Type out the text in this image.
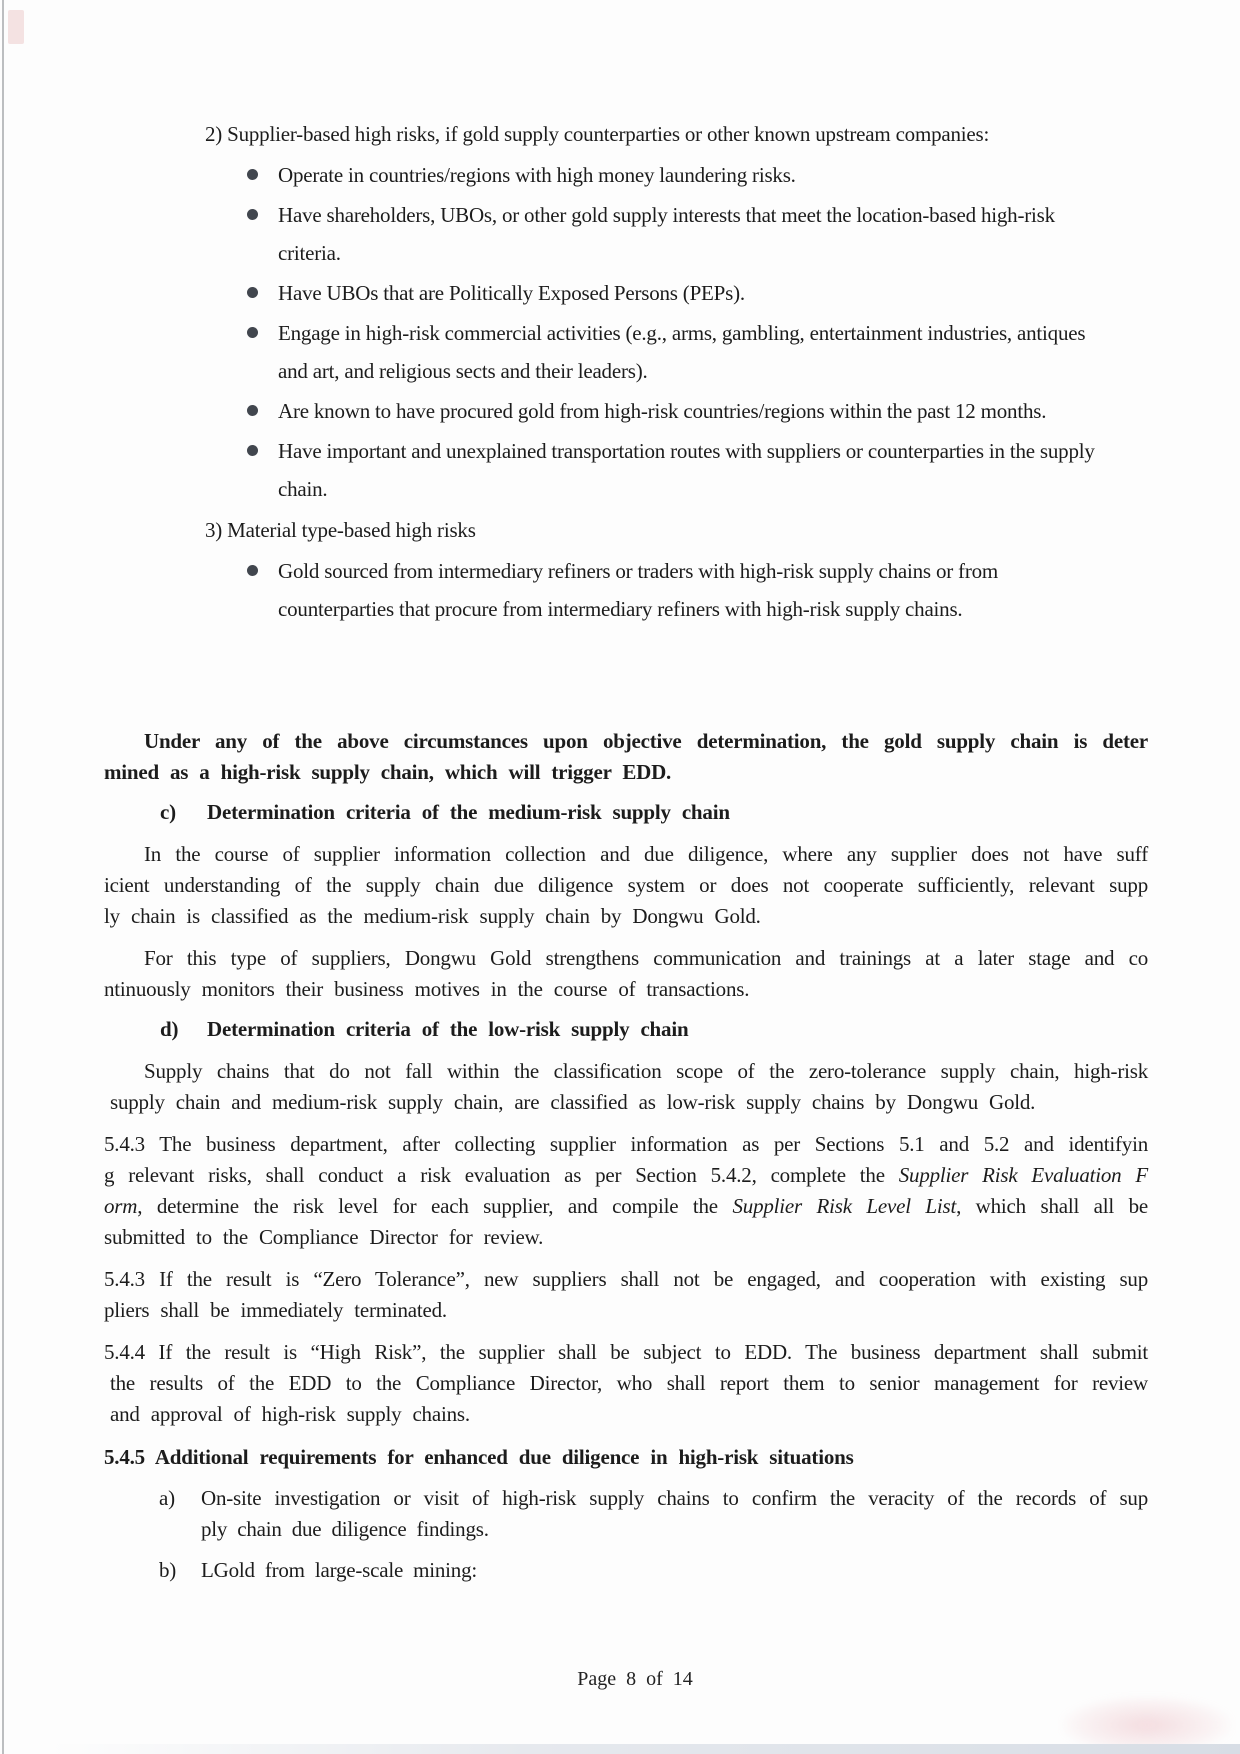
2) Supplier-based high risks, if gold supply counterparties or other known upstream companies:
Operate in countries/regions with high money laundering risks.
Have shareholders, UBOs, or other gold supply interests that meet the location-based high-risk
criteria.
Have UBOs that are Politically Exposed Persons (PEPs).
Engage in high-risk commercial activities (e.g., arms, gambling, entertainment industries, antiques
and art, and religious sects and their leaders).
Are known to have procured gold from high-risk countries/regions within the past 12 months.
Have important and unexplained transportation routes with suppliers or counterparties in the supply
chain.
3) Material type-based high risks
Gold sourced from intermediary refiners or traders with high-risk supply chains or from
counterparties that procure from intermediary refiners with high-risk supply chains.
Under any of the above circumstances upon objective determination, the gold supply chain is deter
mined as a high-risk supply chain, which will trigger EDD.
c) Determination criteria of the medium-risk supply chain
In the course of supplier information collection and due diligence, where any supplier does not have suff
icient understanding of the supply chain due diligence system or does not cooperate sufficiently, relevant supp
ly chain is classified as the medium-risk supply chain by Dongwu Gold.
For this type of suppliers, Dongwu Gold strengthens communication and trainings at a later stage and co
ntinuously monitors their business motives in the course of transactions.
d) Determination criteria of the low-risk supply chain
Supply chains that do not fall within the classification scope of the zero-tolerance supply chain, high-risk
supply chain and medium-risk supply chain, are classified as low-risk supply chains by Dongwu Gold.
5.4.3 The business department, after collecting supplier information as per Sections 5.1 and 5.2 and identifyin
g relevant risks, shall conduct a risk evaluation as per Section 5.4.2, complete the Supplier Risk Evaluation F
orm, determine the risk level for each supplier, and compile the Supplier Risk Level List, which shall all be
submitted to the Compliance Director for review.
5.4.3 If the result is “Zero Tolerance”, new suppliers shall not be engaged, and cooperation with existing sup
pliers shall be immediately terminated.
5.4.4 If the result is “High Risk”, the supplier shall be subject to EDD. The business department shall submit
the results of the EDD to the Compliance Director, who shall report them to senior management for review
and approval of high-risk supply chains.
5.4.5 Additional requirements for enhanced due diligence in high-risk situations
a) On-site investigation or visit of high-risk supply chains to confirm the veracity of the records of sup
ply chain due diligence findings.
b) LGold from large-scale mining:
Page 8 of 14
